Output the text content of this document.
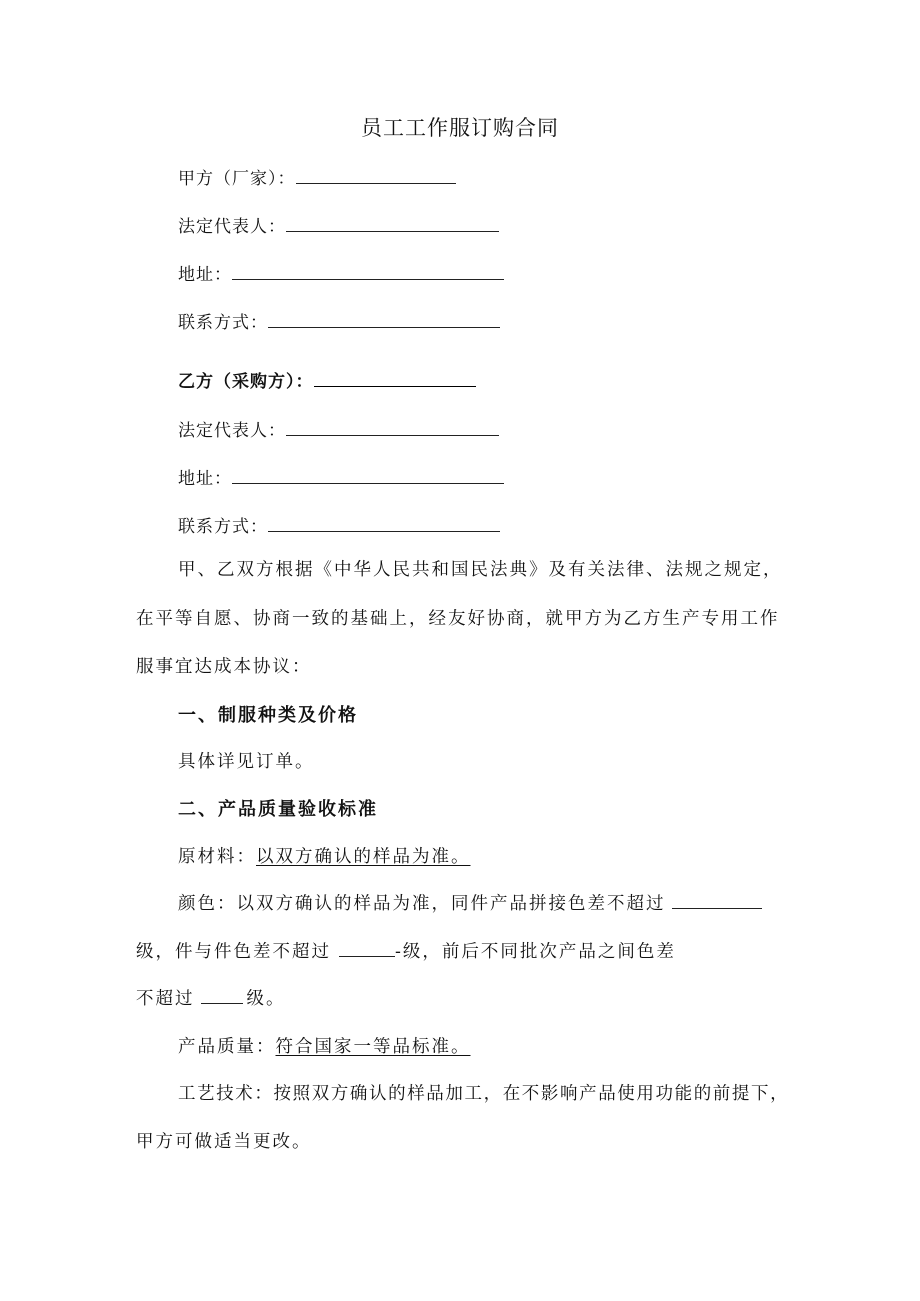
员工工作服订购合同
甲方（厂家）：
法定代表人：
地址：
联系方式：
乙方（采购方）：
法定代表人：
地址：
联系方式：
甲、乙双方根据《中华人民共和国民法典》及有关法律、法规之规定，
在平等自愿、协商一致的基础上，经友好协商，就甲方为乙方生产专用工作
服事宜达成本协议：
一、制服种类及价格
具体详见订单。
二、产品质量验收标准
原材料：以双方确认的样品为准。
颜色：以双方确认的样品为准，同件产品拼接色差不超过
级，件与件色差不超过	-级，前后不同批次产品之间色差
不超过	级。
产品质量：符合国家一等品标准。
工艺技术：按照双方确认的样品加工，在不影响产品使用功能的前提下，
甲方可做适当更改。
